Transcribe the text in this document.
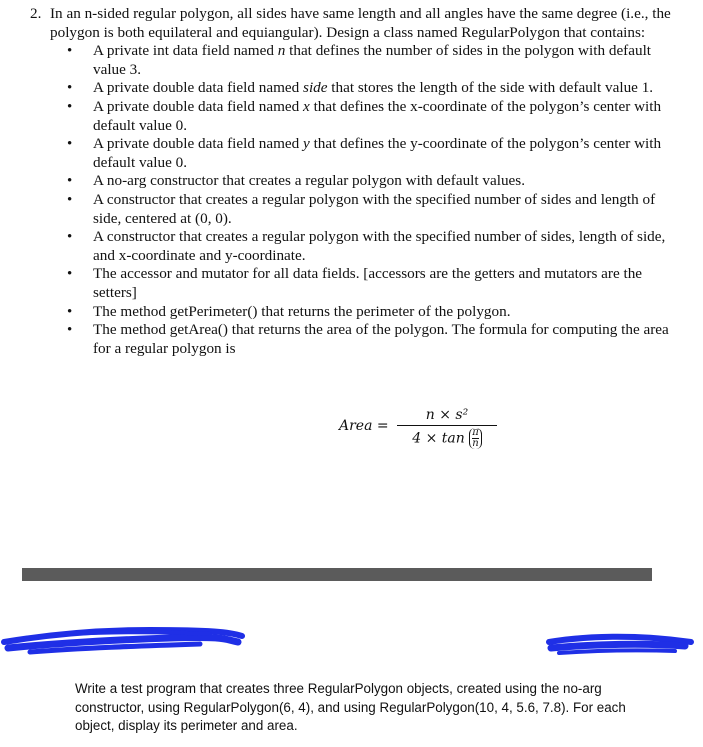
2. In an n-sided regular polygon, all sides have same length and all angles have the same degree (i.e., the polygon is both equilateral and equiangular). Design a class named RegularPolygon that contains:
• A private int data field named n that defines the number of sides in the polygon with default value 3.
• A private double data field named side that stores the length of the side with default value 1.
• A private double data field named x that defines the x-coordinate of the polygon’s center with default value 0.
• A private double data field named y that defines the y-coordinate of the polygon’s center with default value 0.
• A no-arg constructor that creates a regular polygon with default values.
• A constructor that creates a regular polygon with the specified number of sides and length of side, centered at (0, 0).
• A constructor that creates a regular polygon with the specified number of sides, length of side, and x-coordinate and y-coordinate.
• The accessor and mutator for all data fields. [accessors are the getters and mutators are the setters]
• The method getPerimeter() that returns the perimeter of the polygon.
• The method getArea() that returns the area of the polygon. The formula for computing the area for a regular polygon is
Area =
n × s²
$4 \times \tan \frac{\pi}{n}$
Write a test program that creates three RegularPolygon objects, created using the no-arg constructor, using RegularPolygon(6, 4), and using RegularPolygon(10, 4, 5.6, 7.8). For each object, display its perimeter and area.
